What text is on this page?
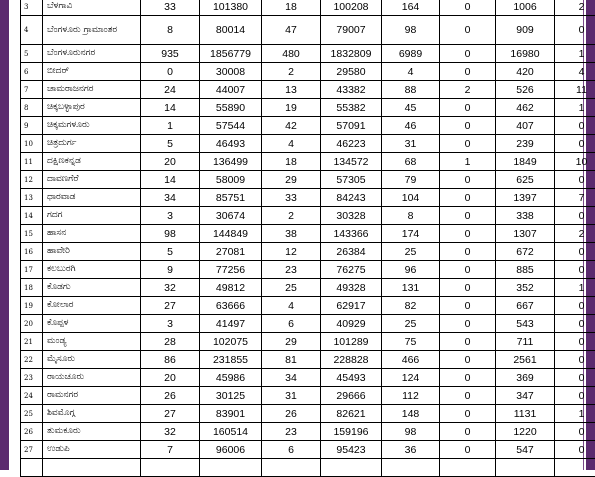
3	ಬೆಳಗಾವಿ	33	101380	18	100208	164	0	1006	2
4	ಬೆಂಗಳೂರು ಗ್ರಾಮಾಂತರ	8	80014	47	79007	98	0	909	0
5	ಬೆಂಗಳೂರುನಗರ	935	1856779	480	1832809	6989	0	16980	1
6	ಬೀದರ್	0	30008	2	29580	4	0	420	4
7	ಚಾಮರಾಜನಗರ	24	44007	13	43382	88	2	526	11
8	ಚಿಕ್ಕಬಳ್ಳಾಪುರ	14	55890	19	55382	45	0	462	1
9	ಚಿಕ್ಕಮಗಳೂರು	1	57544	42	57091	46	0	407	0
10	ಚಿತ್ರದುರ್ಗ	5	46493	4	46223	31	0	239	0
11	ದಕ್ಷಿಣಕನ್ನಡ	20	136499	18	134572	68	1	1849	10
12	ದಾವಣಗೆರೆ	14	58009	29	57305	79	0	625	0
13	ಧಾರವಾಡ	34	85751	33	84243	104	0	1397	7
14	ಗದಗ	3	30674	2	30328	8	0	338	0
15	ಹಾಸನ	98	144849	38	143366	174	0	1307	2
16	ಹಾವೇರಿ	5	27081	12	26384	25	0	672	0
17	ಕಲಬುರಗಿ	9	77256	23	76275	96	0	885	0
18	ಕೊಡಗು	32	49812	25	49328	131	0	352	1
19	ಕೋಲಾರ	27	63666	4	62917	82	0	667	0
20	ಕೊಪ್ಪಳ	3	41497	6	40929	25	0	543	0
21	ಮಂಡ್ಯ	28	102075	29	101289	75	0	711	0
22	ಮೈಸೂರು	86	231855	81	228828	466	0	2561	0
23	ರಾಯಚೂರು	20	45986	34	45493	124	0	369	0
24	ರಾಮನಗರ	26	30125	31	29666	112	0	347	0
25	ಶಿವಮೊಗ್ಗ	27	83901	26	82621	148	0	1131	1
26	ತುಮಕೂರು	32	160514	23	159196	98	0	1220	0
27	ಉಡುಪಿ	7	96006	6	95423	36	0	547	0
